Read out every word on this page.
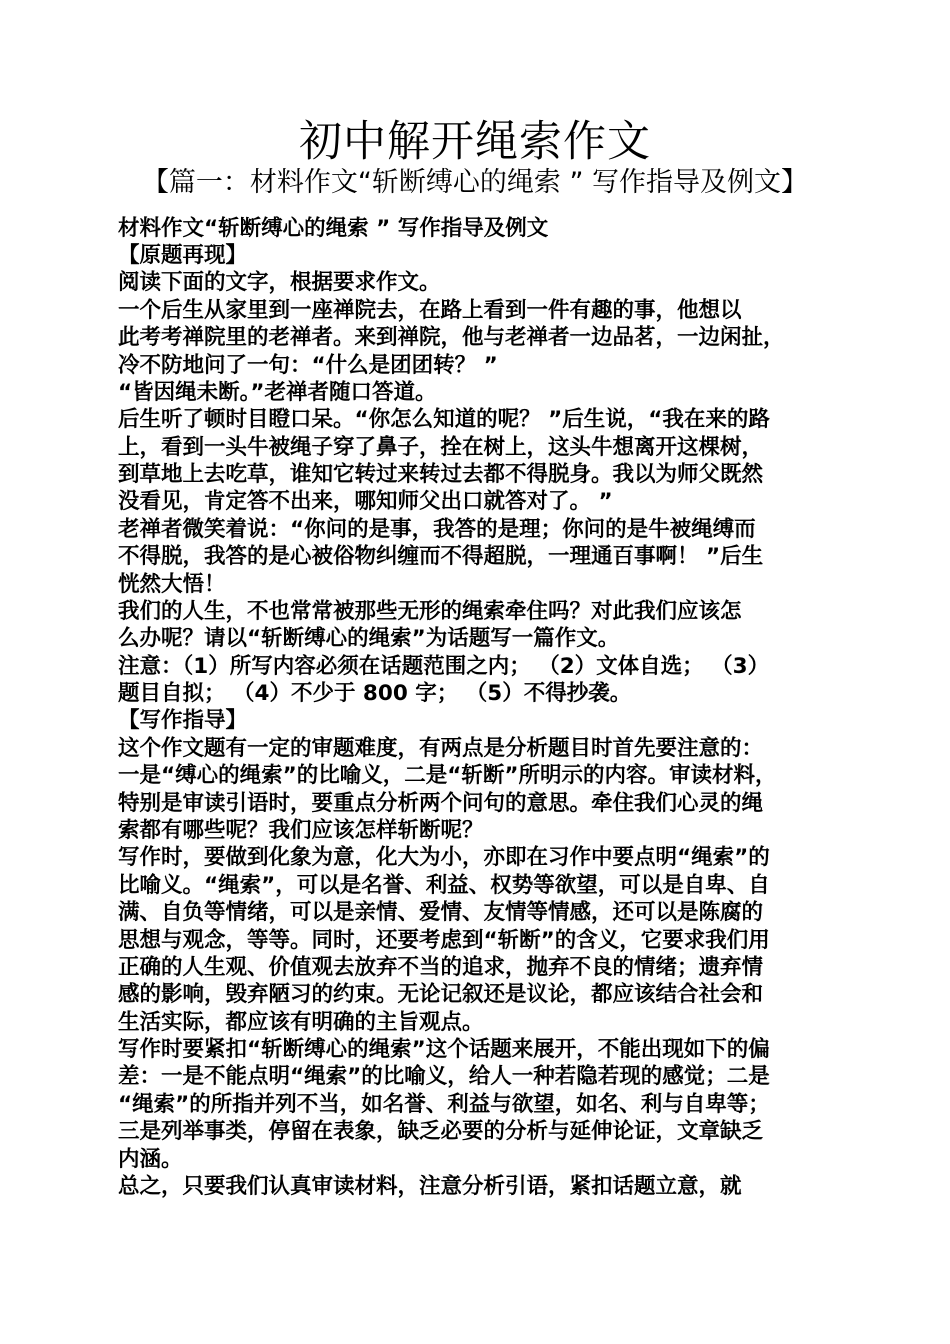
初中解开绳索作文
【篇一：材料作文“斩断缚心的绳索 ” 写作指导及例文】
材料作文“斩断缚心的绳索 ” 写作指导及例文
【原题再现】
阅读下面的文字，根据要求作文。
一个后生从家里到一座禅院去，在路上看到一件有趣的事，他想以
此考考禅院里的老禅者。来到禅院，他与老禅者一边品茗，一边闲扯，
冷不防地问了一句：“什么是团团转？ ”
“皆因绳未断。”老禅者随口答道。
后生听了顿时目瞪口呆。“你怎么知道的呢？ ”后生说，“我在来的路
上，看到一头牛被绳子穿了鼻子，拴在树上，这头牛想离开这棵树，
到草地上去吃草，谁知它转过来转过去都不得脱身。我以为师父既然
没看见，肯定答不出来，哪知师父出口就答对了。 ”
老禅者微笑着说：“你问的是事，我答的是理；你问的是牛被绳缚而
不得脱，我答的是心被俗物纠缠而不得超脱，一理通百事啊！ ”后生
恍然大悟！
我们的人生，不也常常被那些无形的绳索牵住吗？对此我们应该怎
么办呢？请以“斩断缚心的绳索”为话题写一篇作文。
注意：（1）所写内容必须在话题范围之内； （2）文体自选； （3）
题目自拟； （4）不少于 800 字； （5）不得抄袭。
【写作指导】
这个作文题有一定的审题难度，有两点是分析题目时首先要注意的：
一是“缚心的绳索”的比喻义，二是“斩断”所明示的内容。审读材料，
特别是审读引语时，要重点分析两个问句的意思。牵住我们心灵的绳
索都有哪些呢？我们应该怎样斩断呢？
写作时，要做到化象为意，化大为小，亦即在习作中要点明“绳索”的
比喻义。“绳索”，可以是名誉、利益、权势等欲望，可以是自卑、自
满、自负等情绪，可以是亲情、爱情、友情等情感，还可以是陈腐的
思想与观念，等等。同时，还要考虑到“斩断”的含义，它要求我们用
正确的人生观、价值观去放弃不当的追求，抛弃不良的情绪；遗弃情
感的影响，毁弃陋习的约束。无论记叙还是议论，都应该结合社会和
生活实际，都应该有明确的主旨观点。
写作时要紧扣“斩断缚心的绳索”这个话题来展开，不能出现如下的偏
差：一是不能点明“绳索”的比喻义，给人一种若隐若现的感觉；二是
“绳索”的所指并列不当，如名誉、利益与欲望，如名、利与自卑等；
三是列举事类，停留在表象，缺乏必要的分析与延伸论证，文章缺乏
内涵。
总之，只要我们认真审读材料，注意分析引语，紧扣话题立意，就
